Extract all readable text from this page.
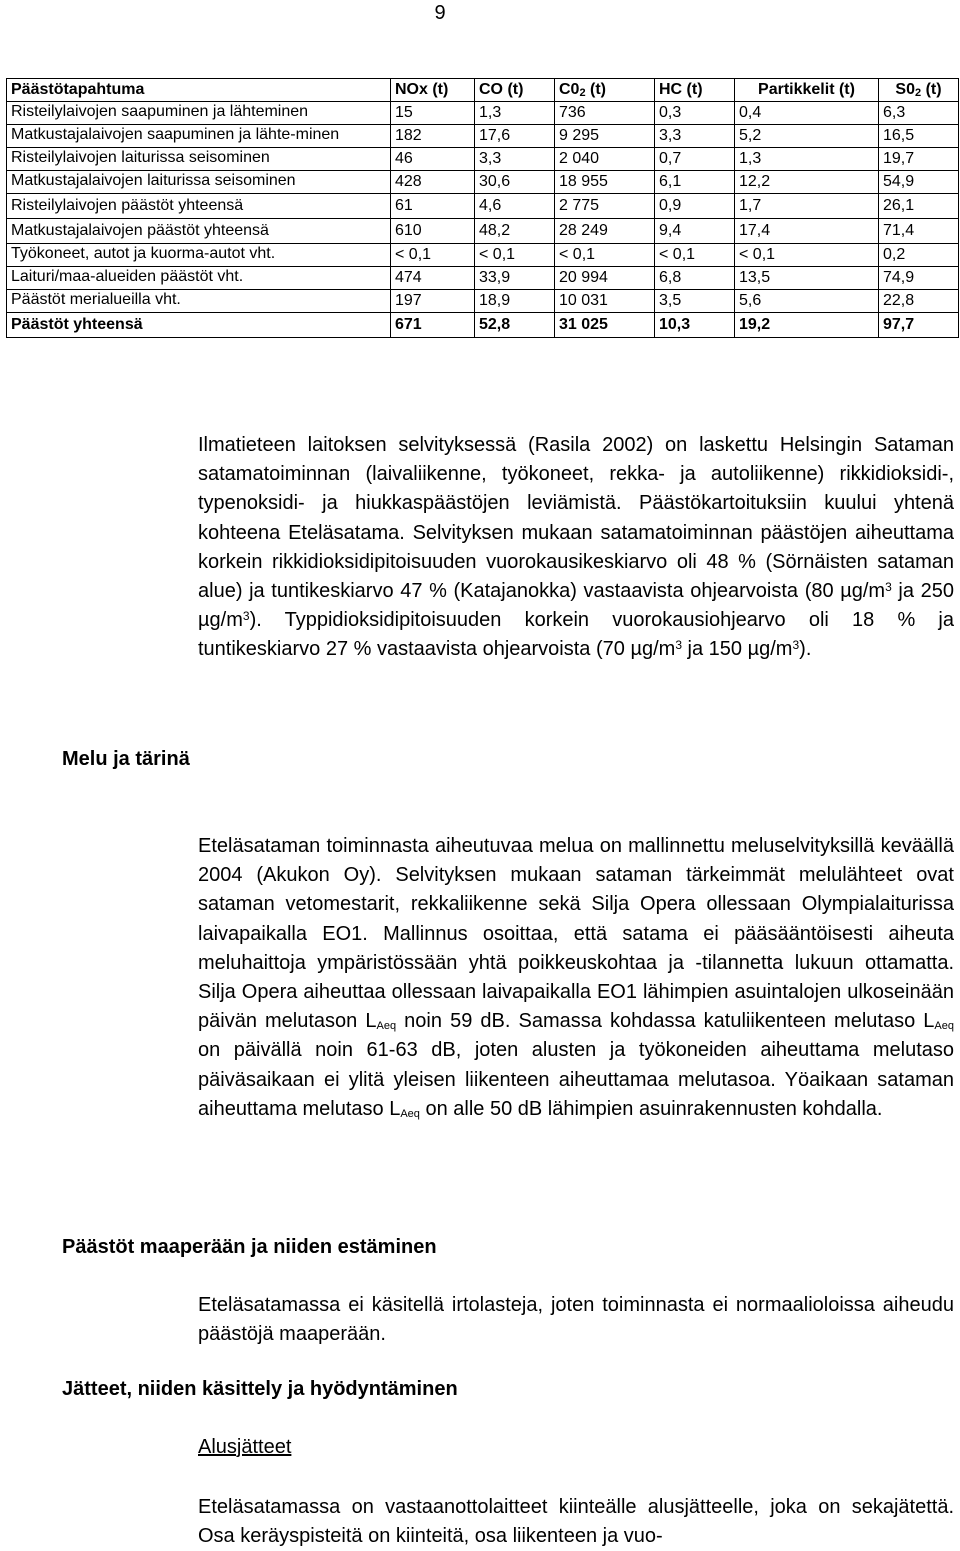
9
Päästötapahtuma	NOx (t)	CO (t)	$C0_2$ (t)	HC (t)	Partikkelit (t)	$S0_2$ (t)
Risteilylaivojen saapuminen ja lähteminen	15	1,3	736	0,3	0,4	6,3
Matkustajalaivojen saapuminen ja lähte-minen	182	17,6	9 295	3,3	5,2	16,5
Risteilylaivojen laiturissa seisominen	46	3,3	2 040	0,7	1,3	19,7
Matkustajalaivojen laiturissa seisominen	428	30,6	18 955	6,1	12,2	54,9
Risteilylaivojen päästöt yhteensä	61	4,6	2 775	0,9	1,7	26,1
Matkustajalaivojen päästöt yhteensä	610	48,2	28 249	9,4	17,4	71,4
Työkoneet, autot ja kuorma-autot vht.	< 0,1	< 0,1	< 0,1	< 0,1	< 0,1	0,2
Laituri/maa-alueiden päästöt vht.	474	33,9	20 994	6,8	13,5	74,9
Päästöt merialueilla vht.	197	18,9	10 031	3,5	5,6	22,8
Päästöt yhteensä	671	52,8	31 025	10,3	19,2	97,7

Ilmatieteen laitoksen selvityksessä (Rasila 2002) on laskettu Helsingin Sataman satamatoiminnan (laivaliikenne, työkoneet, rekka- ja autoliikenne) rikkidioksidi-, typenoksidi- ja hiukkaspäästöjen leviämistä. Päästökartoituksiin kuului yhtenä kohteena Eteläsatama. Selvityksen mukaan satamatoiminnan päästöjen aiheuttama korkein rikkidioksidipitoisuuden vuorokausikeskiarvo oli 48 % (Sörnäisten sataman alue) ja tuntikeskiarvo 47 % (Katajanokka) vastaavista ohjearvoista (80 $\mu g/m^3$ ja 250 $\mu g/m^3$). Typpidioksidipitoisuuden korkein vuorokausiohjearvo oli 18 % ja tuntikeskiarvo 27 % vastaavista ohjearvoista (70 $\mu g/m^3$ ja 150 $\mu g/m^3$).

Melu ja tärinä

Eteläsataman toiminnasta aiheutuvaa melua on mallinnettu meluselvityksillä keväällä 2004 (Akukon Oy). Selvityksen mukaan sataman tärkeimmät melulähteet ovat sataman vetomestarit, rekkaliikenne sekä Silja Opera ollessaan Olympialaiturissa laivapaikalla EO1. Mallinnus osoittaa, että satama ei pääsääntöisesti aiheuta meluhaittoja ympäristössään yhtä poikkeuskohtaa ja -tilannetta lukuun ottamatta. Silja Opera aiheuttaa ollessaan laivapaikalla EO1 lähimpien asuintalojen ulkoseinään päivän melutason $L_{Aeq}$ noin 59 dB. Samassa kohdassa katuliikenteen melutaso $L_{Aeq}$ on päivällä noin 61-63 dB, joten alusten ja työkoneiden aiheuttama melutaso päiväsaikaan ei ylitä yleisen liikenteen aiheuttamaa melutasoa. Yöaikaan sataman aiheuttama melutaso $L_{Aeq}$ on alle 50 dB lähimpien asuinrakennusten kohdalla.

Päästöt maaperään ja niiden estäminen

Eteläsatamassa ei käsitellä irtolasteja, joten toiminnasta ei normaalioloissa aiheudu päästöjä maaperään.

Jätteet, niiden käsittely ja hyödyntäminen
Alusjätteet

Eteläsatamassa on vastaanottolaitteet kiinteälle alusjätteelle, joka on sekajätettä. Osa keräyspisteitä on kiinteitä, osa liikenteen ja vuo-
